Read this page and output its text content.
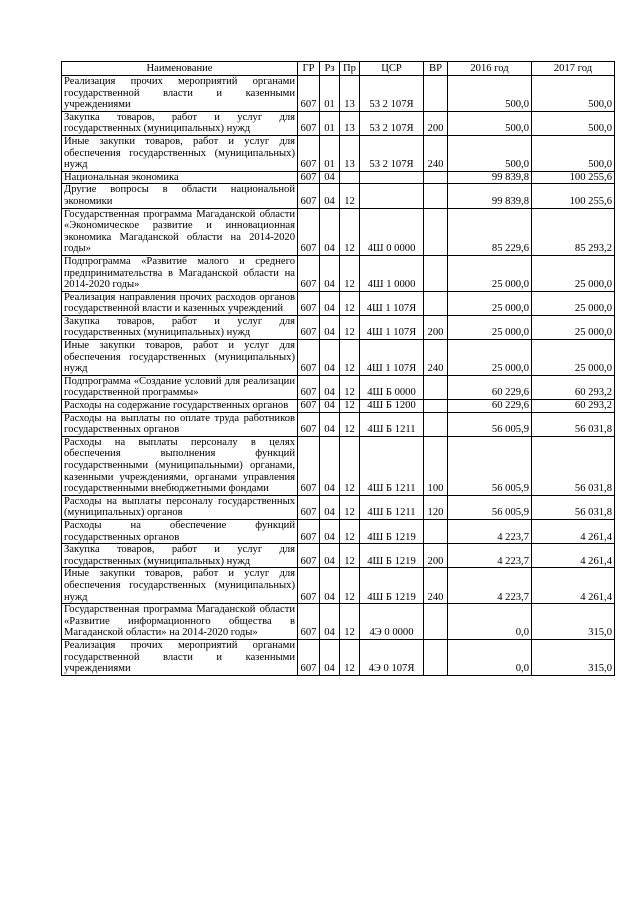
Наименование	ГР	Рз	Пр	ЦСР	ВР	2016 год	2017 год
Реализация прочих мероприятий органами государственной власти и казенными учреждениями	607	01	13	53 2 107Я		500,0	500,0
Закупка товаров, работ и услуг для государственных (муниципальных) нужд	607	01	13	53 2 107Я	200	500,0	500,0
Иные закупки товаров, работ и услуг для обеспечения государственных (муниципальных) нужд	607	01	13	53 2 107Я	240	500,0	500,0
Национальная экономика	607	04				99 839,8	100 255,6
Другие вопросы в области национальной экономики	607	04	12			99 839,8	100 255,6
Государственная программа Магаданской области «Экономическое развитие и инновационная экономика Магаданской области на 2014-2020 годы»	607	04	12	4Ш 0 0000		85 229,6	85 293,2
Подпрограмма «Развитие малого и среднего предпринимательства в Магаданской области на 2014-2020 годы»	607	04	12	4Ш 1 0000		25 000,0	25 000,0
Реализация направления прочих расходов органов государственной власти и казенных учреждений	607	04	12	4Ш 1 107Я		25 000,0	25 000,0
Закупка товаров, работ и услуг для государственных (муниципальных) нужд	607	04	12	4Ш 1 107Я	200	25 000,0	25 000,0
Иные закупки товаров, работ и услуг для обеспечения государственных (муниципальных) нужд	607	04	12	4Ш 1 107Я	240	25 000,0	25 000,0
Подпрограмма «Создание условий для реализации государственной программы»	607	04	12	4Ш Б 0000		60 229,6	60 293,2
Расходы на содержание государственных органов	607	04	12	4Ш Б 1200		60 229,6	60 293,2
Расходы на выплаты по оплате труда работников государственных органов	607	04	12	4Ш Б 1211		56 005,9	56 031,8
Расходы на выплаты персоналу в целях обеспечения выполнения функций государственными (муниципальными) органами, казенными учреждениями, органами управления государственными внебюджетными фондами	607	04	12	4Ш Б 1211	100	56 005,9	56 031,8
Расходы на выплаты персоналу государственных (муниципальных) органов	607	04	12	4Ш Б 1211	120	56 005,9	56 031,8
Расходы на обеспечение функций государственных органов	607	04	12	4Ш Б 1219		4 223,7	4 261,4
Закупка товаров, работ и услуг для государственных (муниципальных) нужд	607	04	12	4Ш Б 1219	200	4 223,7	4 261,4
Иные закупки товаров, работ и услуг для обеспечения государственных (муниципальных) нужд	607	04	12	4Ш Б 1219	240	4 223,7	4 261,4
Государственная программа Магаданской области «Развитие информационного общества в Магаданской области» на 2014-2020 годы»	607	04	12	4Э 0 0000		0,0	315,0
Реализация прочих мероприятий органами государственной власти и казенными учреждениями	607	04	12	4Э 0 107Я		0,0	315,0
